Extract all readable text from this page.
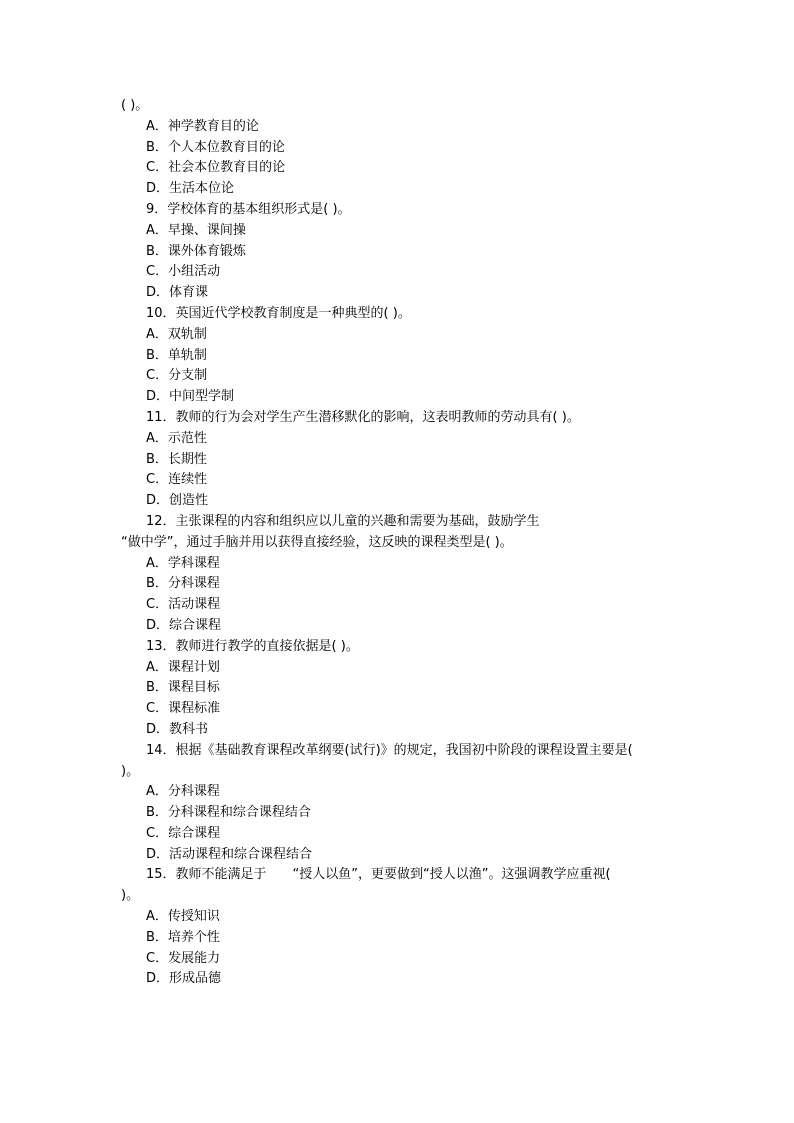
( )。
A．神学教育目的论
B．个人本位教育目的论
C．社会本位教育目的论
D．生活本位论
9．学校体育的基本组织形式是( )。
A．早操、课间操
B．课外体育锻炼
C．小组活动
D．体育课
10．英国近代学校教育制度是一种典型的( )。
A．双轨制
B．单轨制
C．分支制
D．中间型学制
11．教师的行为会对学生产生潜移默化的影响，这表明教师的劳动具有( )。
A．示范性
B．长期性
C．连续性
D．创造性
12．主张课程的内容和组织应以儿童的兴趣和需要为基础，鼓励学生
“做中学”，通过手脑并用以获得直接经验，这反映的课程类型是( )。
A．学科课程
B．分科课程
C．活动课程
D．综合课程
13．教师进行教学的直接依据是( )。
A．课程计划
B．课程目标
C．课程标准
D．教科书
14．根据《基础教育课程改革纲要(试行)》的规定，我国初中阶段的课程设置主要是(
)。
A．分科课程
B．分科课程和综合课程结合
C．综合课程
D．活动课程和综合课程结合
15．教师不能满足于　　“授人以鱼”，更要做到“授人以渔”。这强调教学应重视(
)。
A．传授知识
B．培养个性
C．发展能力
D．形成品德
